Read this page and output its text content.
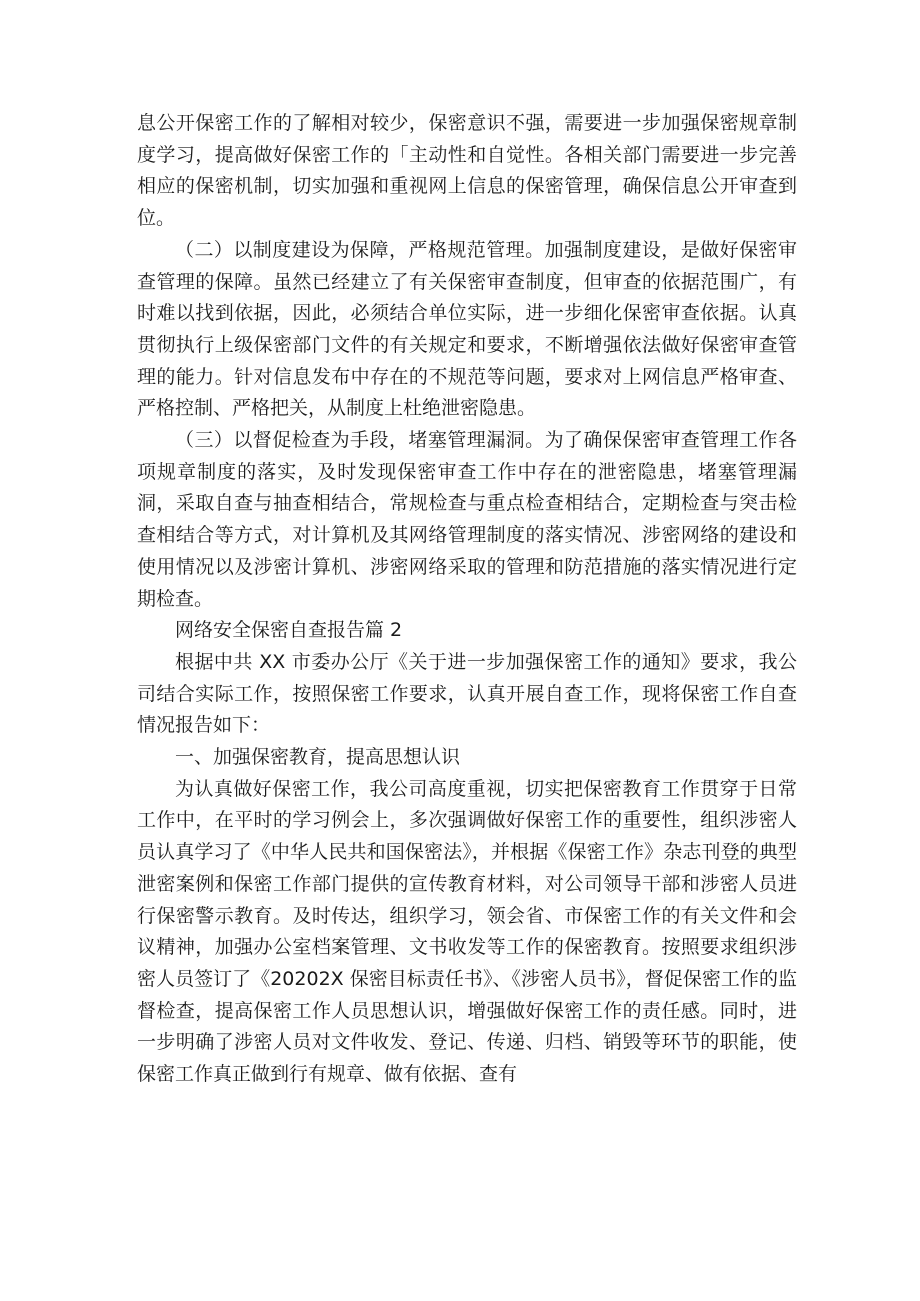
息公开保密工作的了解相对较少，保密意识不强，需要进一步加强保密规章制度学习，提高做好保密工作的「主动性和自觉性。各相关部门需要进一步完善相应的保密机制，切实加强和重视网上信息的保密管理，确保信息公开审查到位。

（二）以制度建设为保障，严格规范管理。加强制度建设，是做好保密审查管理的保障。虽然已经建立了有关保密审查制度，但审查的依据范围广，有时难以找到依据，因此，必须结合单位实际，进一步细化保密审查依据。认真贯彻执行上级保密部门文件的有关规定和要求，不断增强依法做好保密审查管理的能力。针对信息发布中存在的不规范等问题，要求对上网信息严格审查、严格控制、严格把关，从制度上杜绝泄密隐患。

（三）以督促检查为手段，堵塞管理漏洞。为了确保保密审查管理工作各项规章制度的落实，及时发现保密审查工作中存在的泄密隐患，堵塞管理漏洞，采取自查与抽查相结合，常规检查与重点检查相结合，定期检查与突击检查相结合等方式，对计算机及其网络管理制度的落实情况、涉密网络的建设和使用情况以及涉密计算机、涉密网络采取的管理和防范措施的落实情况进行定期检查。

网络安全保密自查报告篇 2

根据中共 XX 市委办公厅《关于进一步加强保密工作的通知》要求，我公司结合实际工作，按照保密工作要求，认真开展自查工作，现将保密工作自查情况报告如下：

一、加强保密教育，提高思想认识

为认真做好保密工作，我公司高度重视，切实把保密教育工作贯穿于日常工作中，在平时的学习例会上，多次强调做好保密工作的重要性，组织涉密人员认真学习了《中华人民共和国保密法》，并根据《保密工作》杂志刊登的典型泄密案例和保密工作部门提供的宣传教育材料，对公司领导干部和涉密人员进行保密警示教育。及时传达，组织学习，领会省、市保密工作的有关文件和会议精神，加强办公室档案管理、文书收发等工作的保密教育。按照要求组织涉密人员签订了《20202X 保密目标责任书》、《涉密人员书》，督促保密工作的监督检查，提高保密工作人员思想认识，增强做好保密工作的责任感。同时，进一步明确了涉密人员对文件收发、登记、传递、归档、销毁等环节的职能，使保密工作真正做到行有规章、做有依据、查有
